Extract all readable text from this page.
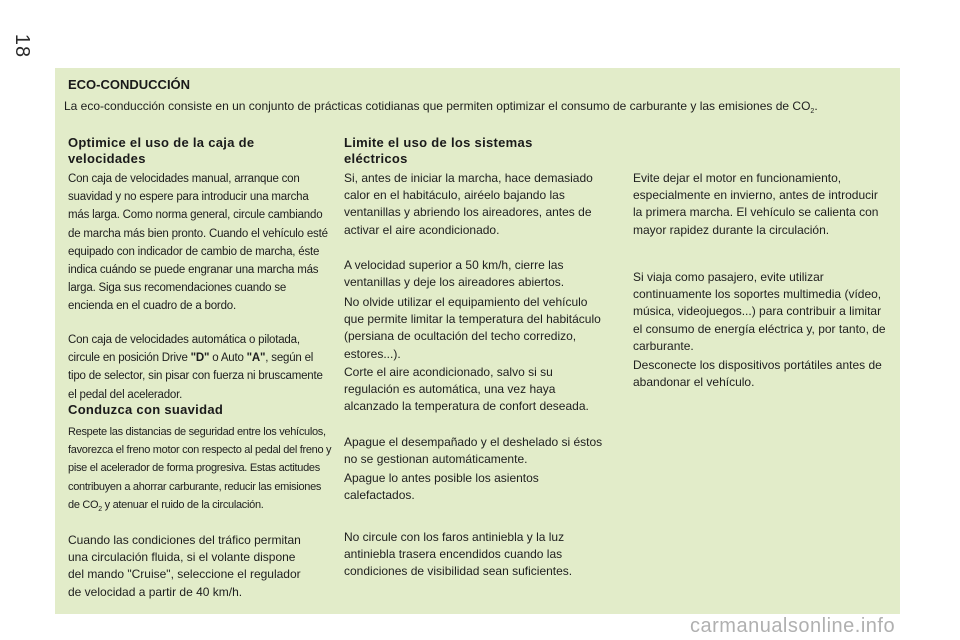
18
ECO-CONDUCCIÓN

La eco-conducción consiste en un conjunto de prácticas cotidianas que permiten optimizar el consumo de carburante y las emisiones de $CO_2$.

Optimice el uso de la caja de velocidades

Con caja de velocidades manual, arranque con suavidad y no espere para introducir una marcha más larga. Como norma general, circule cambiando de marcha más bien pronto. Cuando el vehículo esté equipado con indicador de cambio de marcha, éste indica cuándo se puede engranar una marcha más larga. Siga sus recomendaciones cuando se encienda en el cuadro de a bordo.

Con caja de velocidades automática o pilotada, circule en posición Drive "D" o Auto "A", según el tipo de selector, sin pisar con fuerza ni bruscamente el pedal del acelerador.

Conduzca con suavidad

Respete las distancias de seguridad entre los vehículos, favorezca el freno motor con respecto al pedal del freno y pise el acelerador de forma progresiva. Estas actitudes contribuyen a ahorrar carburante, reducir las emisiones de $CO_2$ y atenuar el ruido de la circulación.

Cuando las condiciones del tráfico permitan una circulación fluida, si el volante dispone del mando "Cruise", seleccione el regulador de velocidad a partir de 40 km/h.

Limite el uso de los sistemas eléctricos

Si, antes de iniciar la marcha, hace demasiado calor en el habitáculo, airéelo bajando las ventanillas y abriendo los aireadores, antes de activar el aire acondicionado.

A velocidad superior a 50 km/h, cierre las ventanillas y deje los aireadores abiertos.

No olvide utilizar el equipamiento del vehículo que permite limitar la temperatura del habitáculo (persiana de ocultación del techo corredizo, estores...).

Corte el aire acondicionado, salvo si su regulación es automática, una vez haya alcanzado la temperatura de confort deseada.

Apague el desempañado y el deshelado si éstos no se gestionan automáticamente.

Apague lo antes posible los asientos calefactados.

No circule con los faros antiniebla y la luz antiniebla trasera encendidos cuando las condiciones de visibilidad sean suficientes.

Evite dejar el motor en funcionamiento, especialmente en invierno, antes de introducir la primera marcha. El vehículo se calienta con mayor rapidez durante la circulación.

Si viaja como pasajero, evite utilizar continuamente los soportes multimedia (vídeo, música, videojuegos...) para contribuir a limitar el consumo de energía eléctrica y, por tanto, de carburante.

Desconecte los dispositivos portátiles antes de abandonar el vehículo.

carmanualsonline.info
